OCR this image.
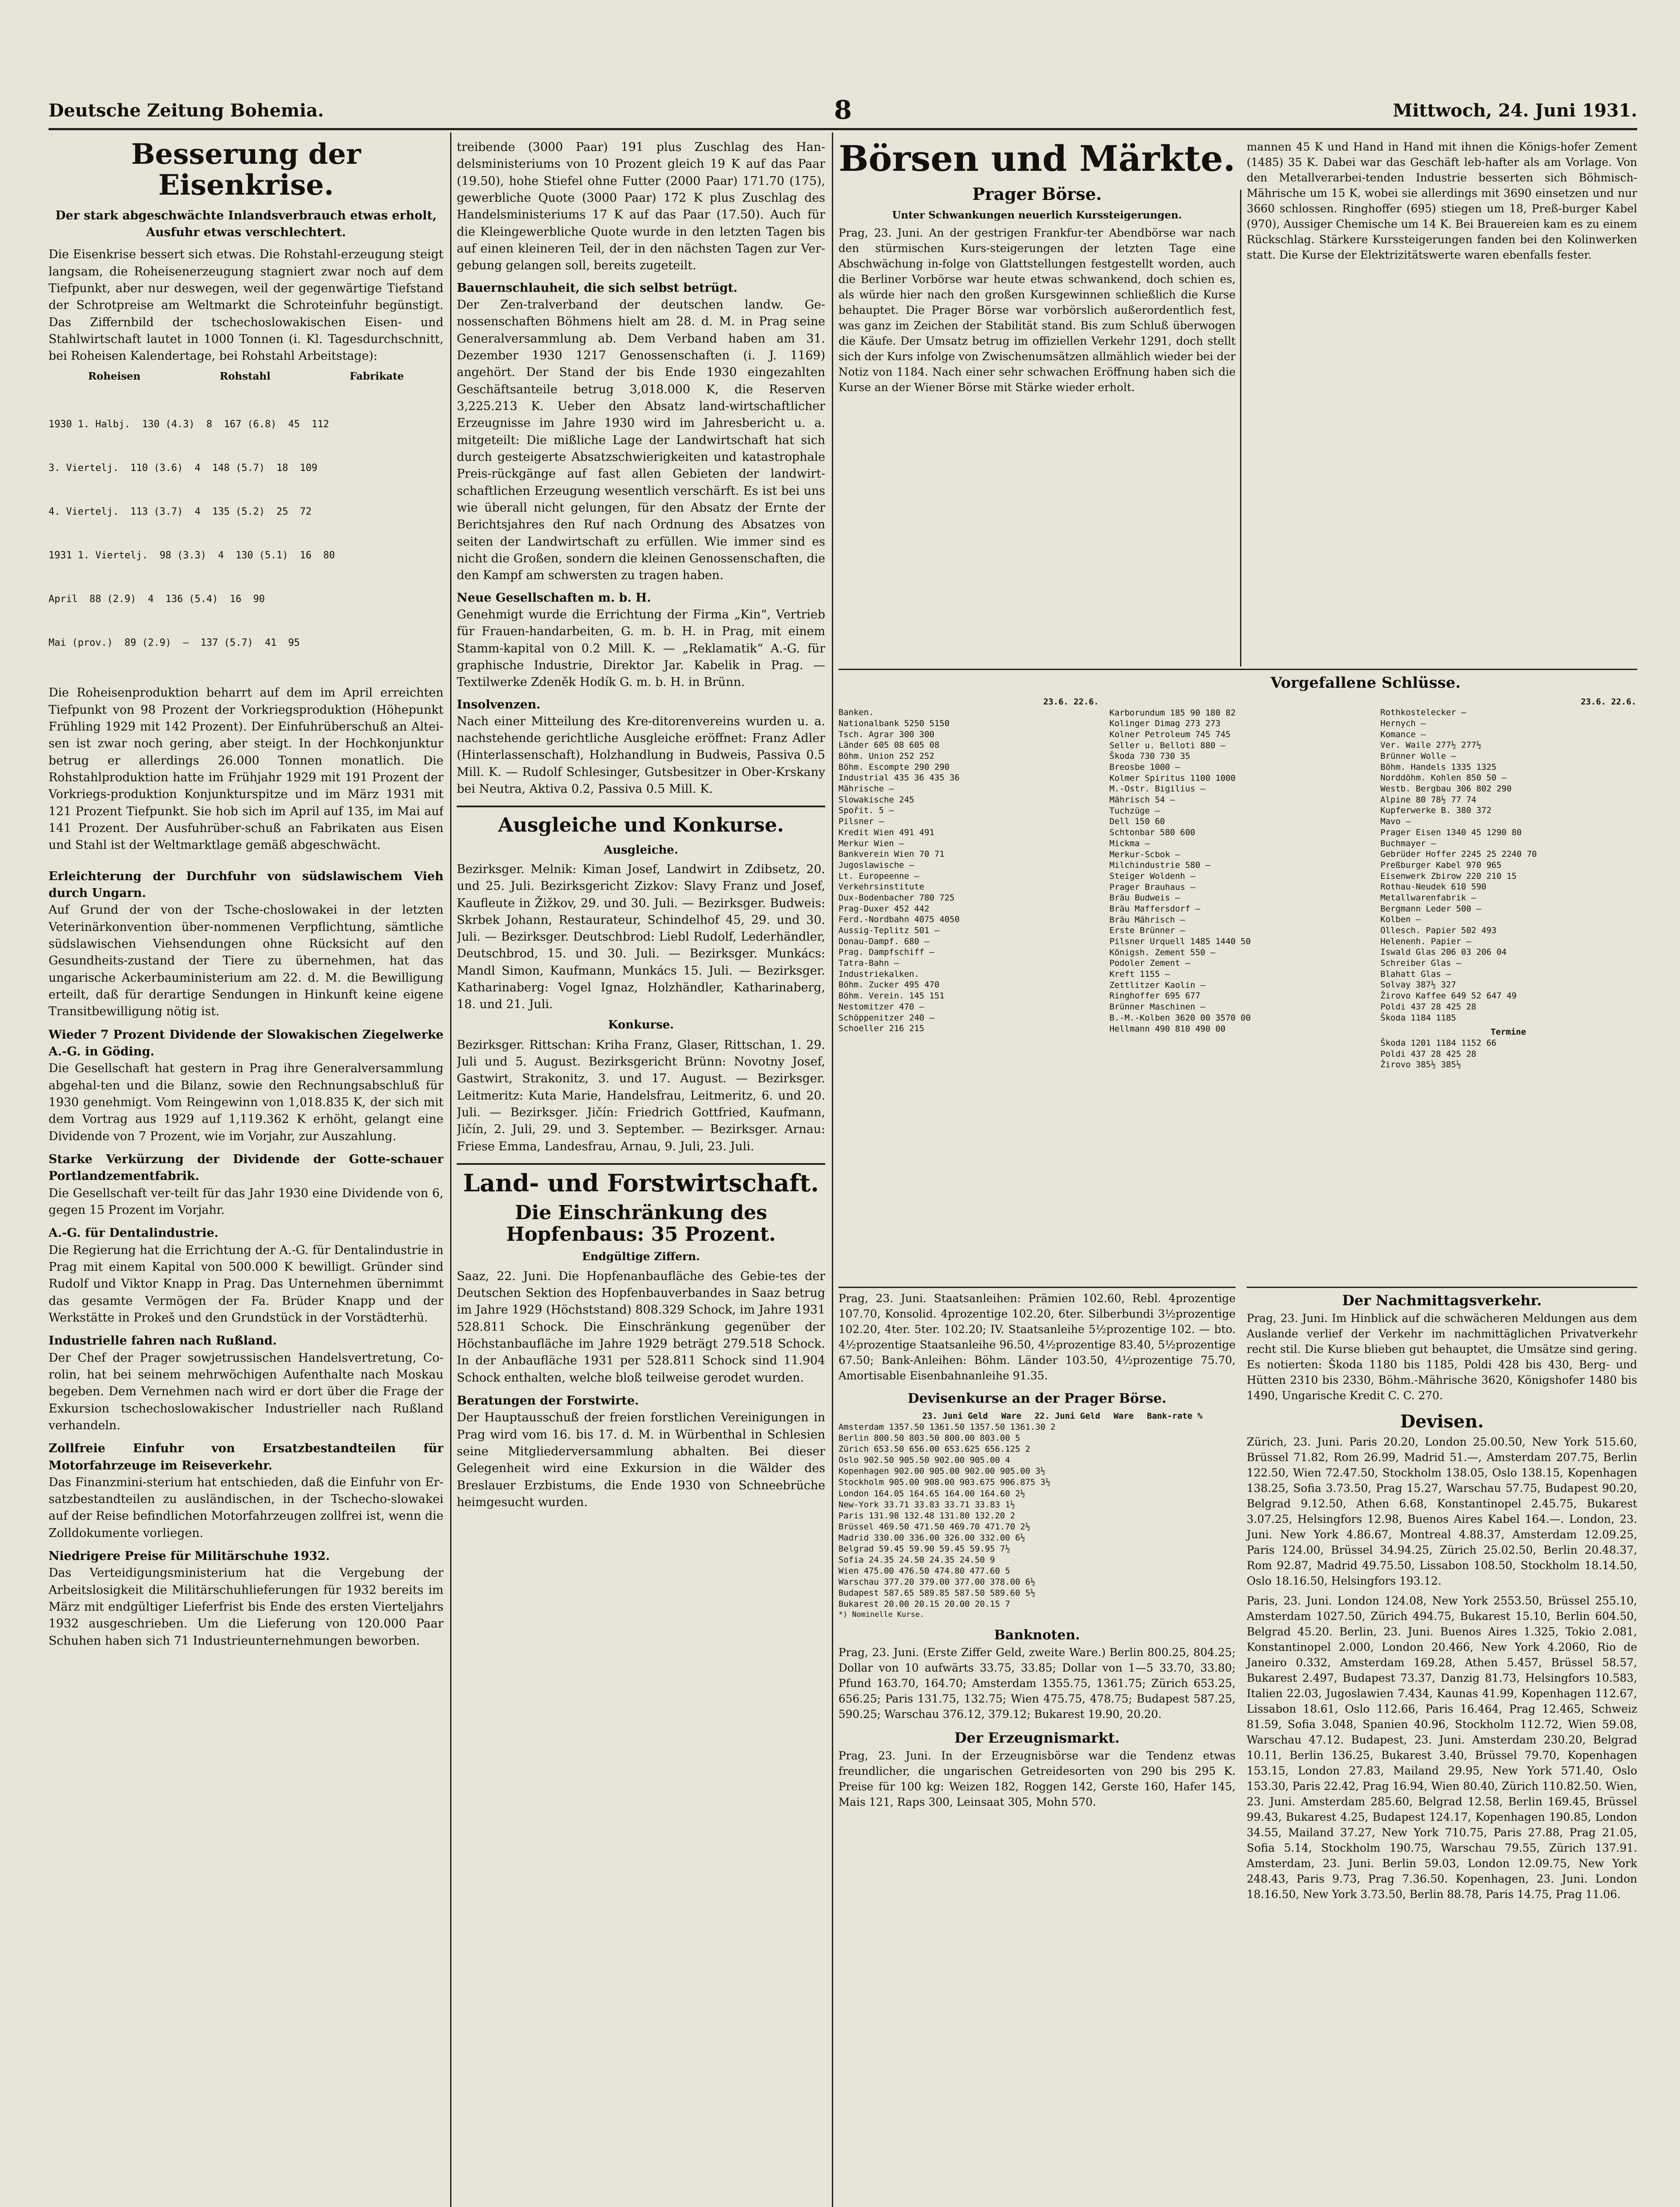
Deutsche Zeitung Bohemia.	8	Mittwoch, 24. Juni 1931.
Besserung der Eisenkrise.
Der stark abgeschwächte Inlandsverbrauch etwas erholt, Ausfuhr etwas verschlechtert.
Die Eisenkrise bessert sich etwas. Die Rohstahl-erzeugung steigt langsam, die Roheisenerzeugung stagniert zwar noch auf dem Tiefpunkt, aber nur deswegen, weil der gegenwärtige Tiefstand der Schrotpreise am Weltmarkt die Schroteinfuhr begünstigt. Das Ziffernbild der tschechoslowakischen Eisen- und Stahlwirtschaft lautet in 1000 Tonnen (i. Kl. Tagesdurchschnitt, bei Roheisen Kalendertage, bei Rohstahl Arbeitstage):
Roheisen	Rohstahl	Fabrikate

1930 1. Halbj.  130 (4.3)  8  167 (6.8)  45  112

3. Viertelj.  110 (3.6)  4  148 (5.7)  18  109

4. Viertelj.  113 (3.7)  4  135 (5.2)  25  72

1931 1. Viertelj.  98 (3.3)  4  130 (5.1)  16  80

April  88 (2.9)  4  136 (5.4)  16  90

Mai (prov.)  89 (2.9)  —  137 (5.7)  41  95

Die Roheisenproduktion beharrt auf dem im April erreichten Tiefpunkt von 98 Prozent der Vorkriegsproduktion (Höhepunkt Frühling 1929 mit 142 Prozent). Der Einfuhrüberschuß an Altei-sen ist zwar noch gering, aber steigt. In der Hochkonjunktur betrug er allerdings 26.000 Tonnen monatlich. Die Rohstahlproduktion hatte im Frühjahr 1929 mit 191 Prozent der Vorkriegs-produktion Konjunkturspitze und im März 1931 mit 121 Prozent Tiefpunkt. Sie hob sich im April auf 135, im Mai auf 141 Prozent. Der Ausfuhrüber-schuß an Fabrikaten aus Eisen und Stahl ist der Weltmarktlage gemäß abgeschwächt.
Erleichterung der Durchfuhr von südslawischem Vieh durch Ungarn.
Auf Grund der von der Tsche-choslowakei in der letzten Veterinärkonvention über-nommenen Verpflichtung, sämtliche südslawischen Viehsendungen ohne Rücksicht auf den Gesundheits-zustand der Tiere zu übernehmen, hat das ungarische Ackerbauministerium am 22. d. M. die Bewilligung erteilt, daß für derartige Sendungen in Hinkunft keine eigene Transitbewilligung nötig ist.
Wieder 7 Prozent Dividende der Slowakischen Ziegelwerke A.-G. in Göding.
Die Gesellschaft hat gestern in Prag ihre Generalversammlung abgehal-ten und die Bilanz, sowie den Rechnungsabschluß für 1930 genehmigt. Vom Reingewinn von 1,018.835 K, der sich mit dem Vortrag aus 1929 auf 1,119.362 K erhöht, gelangt eine Dividende von 7 Prozent, wie im Vorjahr, zur Auszahlung.
Starke Verkürzung der Dividende der Gotte-schauer Portlandzementfabrik.
Die Gesellschaft ver-teilt für das Jahr 1930 eine Dividende von 6, gegen 15 Prozent im Vorjahr.
A.-G. für Dentalindustrie.
Die Regierung hat die Errichtung der A.-G. für Dentalindustrie in Prag mit einem Kapital von 500.000 K bewilligt. Gründer sind Rudolf und Viktor Knapp in Prag. Das Unternehmen übernimmt das gesamte Vermögen der Fa. Brüder Knapp und der Werkstätte in Prokeš und den Grundstück in der Vorstädterhü.
Industrielle fahren nach Rußland.
Der Chef der Prager sowjetrussischen Handelsvertretung, Co-rolin, hat bei seinem mehrwöchigen Aufenthalte nach Moskau begeben. Dem Vernehmen nach wird er dort über die Frage der Exkursion tschechoslowakischer Industrieller nach Rußland verhandeln.
Zollfreie Einfuhr von Ersatzbestandteilen für Motorfahrzeuge im Reiseverkehr.
Das Finanzmini-sterium hat entschieden, daß die Einfuhr von Er-satzbestandteilen zu ausländischen, in der Tschecho-slowakei auf der Reise befindlichen Motorfahrzeugen zollfrei ist, wenn die Zolldokumente vorliegen.
Niedrigere Preise für Militärschuhe 1932.
Das Verteidigungsministerium hat die Vergebung der Arbeitslosigkeit die Militärschuhlieferungen für 1932 bereits im März mit endgültiger Lieferfrist bis Ende des ersten Vierteljahrs 1932 ausgeschrieben. Um die Lieferung von 120.000 Paar Schuhen haben sich 71 Industrieunternehmungen beworben.
treibende (3000 Paar) 191 plus Zuschlag des Han-delsministeriums von 10 Prozent gleich 19 K auf das Paar (19.50), hohe Stiefel ohne Futter (2000 Paar) 171.70 (175), gewerbliche Quote (3000 Paar) 172 K plus Zuschlag des Handelsministeriums 17 K auf das Paar (17.50). Auch für die Kleingewerbliche Quote wurde in den letzten Tagen bis auf einen kleineren Teil, der in den nächsten Tagen zur Ver-gebung gelangen soll, bereits zugeteilt.
Bauernschlauheit, die sich selbst betrügt.
Der Zen-tralverband der deutschen landw. Ge-nossenschaften Böhmens hielt am 28. d. M. in Prag seine Generalversammlung ab. Dem Verband haben am 31. Dezember 1930 1217 Genossenschaften (i. J. 1169) angehört. Der Stand der bis Ende 1930 eingezahlten Geschäftsanteile betrug 3,018.000 K, die Reserven 3,225.213 K. Ueber den Absatz land-wirtschaftlicher Erzeugnisse im Jahre 1930 wird im Jahresbericht u. a. mitgeteilt: Die mißliche Lage der Landwirtschaft hat sich durch gesteigerte Absatzschwierigkeiten und katastrophale Preis-rückgänge auf fast allen Gebieten der landwirt-schaftlichen Erzeugung wesentlich verschärft. Es ist bei uns wie überall nicht gelungen, für den Absatz der Ernte der Berichtsjahres den Ruf nach Ordnung des Absatzes von seiten der Landwirtschaft zu erfüllen. Wie immer sind es nicht die Großen, sondern die kleinen Genossenschaften, die den Kampf am schwersten zu tragen haben.
Neue Gesellschaften m. b. H.
Genehmigt wurde die Errichtung der Firma „Kin“, Vertrieb für Frauen-handarbeiten, G. m. b. H. in Prag, mit einem Stamm-kapital von 0.2 Mill. K. — „Reklamatik“ A.-G. für graphische Industrie, Direktor Jar. Kabelik in Prag. — Textilwerke Zdeněk Hodík G. m. b. H. in Brünn.
Insolvenzen.
Nach einer Mitteilung des Kre-ditorenvereins wurden u. a. nachstehende gerichtliche Ausgleiche eröffnet: Franz Adler (Hinterlassenschaft), Holzhandlung in Budweis, Passiva 0.5 Mill. K. — Rudolf Schlesinger, Gutsbesitzer in Ober-Krskany bei Neutra, Aktiva 0.2, Passiva 0.5 Mill. K.
Ausgleiche und Konkurse.
Ausgleiche.
Bezirksger. Melnik: Kiman Josef, Landwirt in Zdibsetz, 20. und 25. Juli. Bezirksgericht Zizkov: Slavy Franz und Josef, Kaufleute in Žižkov, 29. und 30. Juli. — Bezirksger. Budweis: Skrbek Johann, Restaurateur, Schindelhof 45, 29. und 30. Juli. — Bezirksger. Deutschbrod: Liebl Rudolf, Lederhändler, Deutschbrod, 15. und 30. Juli. — Bezirksger. Munkács: Mandl Simon, Kaufmann, Munkács 15. Juli. — Bezirksger. Katharinaberg: Vogel Ignaz, Holzhändler, Katharinaberg, 18. und 21. Juli.
Konkurse.
Bezirksger. Rittschan: Kriha Franz, Glaser, Rittschan, 1. 29. Juli und 5. August. Bezirksgericht Brünn: Novotny Josef, Gastwirt, Strakonitz, 3. und 17. August. — Bezirksger. Leitmeritz: Kuta Marie, Handelsfrau, Leitmeritz, 6. und 20. Juli. — Bezirksger. Jičín: Friedrich Gottfried, Kaufmann, Jičín, 2. Juli, 29. und 3. September. — Bezirksger. Arnau: Friese Emma, Landesfrau, Arnau, 9. Juli, 23. Juli.
Land- und Forstwirtschaft.
Die Einschränkung des Hopfenbaus: 35 Prozent.
Endgültige Ziffern.
Saaz, 22. Juni. Die Hopfenanbaufläche des Gebie-tes der Deutschen Sektion des Hopfenbauverbandes in Saaz betrug im Jahre 1929 (Höchststand) 808.329 Schock, im Jahre 1931 528.811 Schock. Die Einschränkung gegenüber der Höchstanbaufläche im Jahre 1929 beträgt 279.518 Schock. In der Anbaufläche 1931 per 528.811 Schock sind 11.904 Schock enthalten, welche bloß teilweise gerodet wurden.
Beratungen der Forstwirte.
Der Hauptausschuß der freien forstlichen Vereinigungen in Prag wird vom 16. bis 17. d. M. in Würbenthal in Schlesien seine Mitgliederversammlung abhalten. Bei dieser Gelegenheit wird eine Exkursion in die Wälder des Breslauer Erzbistums, die Ende 1930 von Schneebrüche heimgesucht wurden.
Börsen und Märkte.
Prager Börse.
Unter Schwankungen neuerlich Kurssteigerungen.
Prag, 23. Juni. An der gestrigen Frankfur-ter Abendbörse war nach den stürmischen Kurs-steigerungen der letzten Tage eine Abschwächung in-folge von Glattstellungen festgestellt worden, auch die Berliner Vorbörse war heute etwas schwankend, doch schien es, als würde hier nach den großen Kursgewinnen schließlich die Kurse behauptet. Die Prager Börse war vorbörslich außerordentlich fest, was ganz im Zeichen der Stabilität stand. Bis zum Schluß überwogen die Käufe. Der Umsatz betrug im offiziellen Verkehr 1291, doch stellt sich der Kurs infolge von Zwischenumsätzen allmählich wieder bei der Notiz von 1184. Nach einer sehr schwachen Eröffnung haben sich die Kurse an der Wiener Börse mit Stärke wieder erholt.
mannen 45 K und Hand in Hand mit ihnen die Königs-hofer Zement (1485) 35 K. Dabei war das Geschäft leb-hafter als am Vorlage. Von den Metallverarbei-tenden Industrie besserten sich Böhmisch-Mährische um 15 K, wobei sie allerdings mit 3690 einsetzen und nur 3660 schlossen. Ringhoffer (695) stiegen um 18, Preß-burger Kabel (970), Aussiger Chemische um 14 K. Bei Brauereien kam es zu einem Rückschlag. Stärkere Kurssteigerungen fanden bei den Kolinwerken statt. Die Kurse der Elektrizitätswerte waren ebenfalls fester.
Vorgefallene Schlüsse.
23.6. 22.6.
Banken.
Nationalbank 5250 5150
Tsch. Agrar 300 300
Länder 605 08 605 08
Böhm. Union 252 252
Böhm. Escompte 290 290
Industrial 435 36 435 36
Mährische —
Slowakische 245
Spořit. 5 —
Pilsner —
Kredit Wien 491 491
Merkur Wien —
Bankverein Wien 70 71
Jugoslawische —
Lt. Europeenne —
Verkehrsinstitute
Dux-Bodenbacher 780 725
Prag-Duxer 452 442
Ferd.-Nordbahn 4075 4050
Aussig-Teplitz 501 —
Donau-Dampf. 680 —
Prag. Dampfschiff —
Tatra-Bahn —
Industriekalken.
Böhm. Zucker 495 470
Böhm. Verein. 145 151
Nestomitzer 470 —
Schöppenitzer 240 —
Schoeller 216 215
Karborundum 185 90 180 82
Kolinger Dimag 273 273
Kolner Petroleum 745 745
Seller u. Belloti 880 —
Škoda 730 730 35
Breosbe 1000 —
Kolmer Spiritus 1100 1000
M.-Ostr. Bigilius —
Mährisch 54 —
Tuchzüge —
Dell 150 60
Schtonbar 580 600
Mickma —
Merkur-Scbok —
Milchindustrie 580 —
Steiger Woldenh —
Prager Brauhaus —
Bräu Budweis —
Bräu Maffersdorf —
Bräu Mährisch —
Erste Brünner —
Pilsner Urquell 1485 1440 50
Königsh. Zement 550 —
Podoler Zement —
Kreft 1155 —
Zettlitzer Kaolin —
Ringhoffer 695 677
Brünner Maschinen —
B.-M.-Kolben 3620 00 3570 00
Hellmann 490 810 490 00
23.6. 22.6.
Rothkostelecker —
Hernych —
Komance —
Ver. Waile 277½ 277½
Brünner Wolle —
Böhm. Handels 1335 1325
Norddöhm. Kohlen 850 50 —
Westb. Bergbau 306 802 290
Alpine 80 78½ 77 74
Kupferwerke B. 380 372
Mavo —
Prager Eisen 1340 45 1290 80
Buchmayer —
Gebrüder Hoffer 2245 25 2240 70
Preßburger Kabel 970 965
Eisenwerk Zbirow 220 210 15
Rothau-Neudek 610 590
Metallwarenfabrik —
Bergmann Leder 500 —
Kolben —
Ollesch. Papier 502 493
Helenenh. Papier —
Iswald Glas 206 03 206 04
Schreiber Glas —
Blahatt Glas —
Solvay 387½ 327
Žirovo Kaffee 649 52 647 49
Poldi 437 28 425 28
Škoda 1184 1185
Termine
Škoda 1201 1184 1152 66
Poldi 437 28 425 28
Žirovo 385½ 385½
Prag, 23. Juni. Staatsanleihen: Prämien 102.60, Rebl. 4prozentige 107.70, Konsolid. 4prozentige 102.20, 6ter. Silberbundi 3½prozentige 102.20, 4ter. 5ter. 102.20; IV. Staatsanleihe 5½prozentige 102. — bto. 4½prozentige Staatsanleihe 96.50, 4½prozentige 83.40, 5½prozentige 67.50; Bank-Anleihen: Böhm. Länder 103.50, 4½prozentige 75.70, Amortisable Eisenbahnanleihe 91.35.
Devisenkurse an der Prager Börse.
23. Juni Geld Ware 22. Juni Geld Ware Bank-rate %
Amsterdam 1357.50 1361.50 1357.50 1361.30 2
Berlin 800.50 803.50 800.00 803.00 5
Zürich 653.50 656.00 653.625 656.125 2
Oslo 902.50 905.50 902.00 905.00 4
Kopenhagen 902.00 905.00 902.00 905.00 3½
Stockholm 905.00 908.00 903.675 906.875 3½
London 164.05 164.65 164.00 164.60 2½
New-York 33.71 33.83 33.71 33.83 1½
Paris 131.98 132.48 131.80 132.20 2
Brüssel 469.50 471.50 469.70 471.70 2½
Madrid 330.00 336.00 326.00 332.00 6½
Belgrad 59.45 59.90 59.45 59.95 7½
Sofia 24.35 24.50 24.35 24.50 9
Wien 475.00 476.50 474.80 477.60 5
Warschau 377.20 379.00 377.00 378.00 6½
Budapest 587.65 589.85 587.50 589.60 5½
Bukarest 20.00 20.15 20.00 20.15 7
*) Nominelle Kurse.
Banknoten.
Prag, 23. Juni. (Erste Ziffer Geld, zweite Ware.) Berlin 800.25, 804.25; Dollar von 10 aufwärts 33.75, 33.85; Dollar von 1—5 33.70, 33.80; Pfund 163.70, 164.70; Amsterdam 1355.75, 1361.75; Zürich 653.25, 656.25; Paris 131.75, 132.75; Wien 475.75, 478.75; Budapest 587.25, 590.25; Warschau 376.12, 379.12; Bukarest 19.90, 20.20.
Der Erzeugnismarkt.
Prag, 23. Juni. In der Erzeugnisbörse war die Tendenz etwas freundlicher, die ungarischen Getreidesorten von 290 bis 295 K. Preise für 100 kg: Weizen 182, Roggen 142, Gerste 160, Hafer 145, Mais 121, Raps 300, Leinsaat 305, Mohn 570.
Der Nachmittagsverkehr.
Prag, 23. Juni. Im Hinblick auf die schwächeren Meldungen aus dem Auslande verlief der Verkehr im nachmittäglichen Privatverkehr recht stil. Die Kurse blieben gut behauptet, die Umsätze sind gering. Es notierten: Škoda 1180 bis 1185, Poldi 428 bis 430, Berg- und Hütten 2310 bis 2330, Böhm.-Mährische 3620, Königshofer 1480 bis 1490, Ungarische Kredit C. C. 270.
Devisen.
Zürich, 23. Juni. Paris 20.20, London 25.00.50, New York 515.60, Brüssel 71.82, Rom 26.99, Madrid 51.—, Amsterdam 207.75, Berlin 122.50, Wien 72.47.50, Stockholm 138.05, Oslo 138.15, Kopenhagen 138.25, Sofia 3.73.50, Prag 15.27, Warschau 57.75, Budapest 90.20, Belgrad 9.12.50, Athen 6.68, Konstantinopel 2.45.75, Bukarest 3.07.25, Helsingfors 12.98, Buenos Aires Kabel 164.—. London, 23. Juni. New York 4.86.67, Montreal 4.88.37, Amsterdam 12.09.25, Paris 124.00, Brüssel 34.94.25, Zürich 25.02.50, Berlin 20.48.37, Rom 92.87, Madrid 49.75.50, Lissabon 108.50, Stockholm 18.14.50, Oslo 18.16.50, Helsingfors 193.12.
Paris, 23. Juni. London 124.08, New York 2553.50, Brüssel 255.10, Amsterdam 1027.50, Zürich 494.75, Bukarest 15.10, Berlin 604.50, Belgrad 45.20. Berlin, 23. Juni. Buenos Aires 1.325, Tokio 2.081, Konstantinopel 2.000, London 20.466, New York 4.2060, Rio de Janeiro 0.332, Amsterdam 169.28, Athen 5.457, Brüssel 58.57, Bukarest 2.497, Budapest 73.37, Danzig 81.73, Helsingfors 10.583, Italien 22.03, Jugoslawien 7.434, Kaunas 41.99, Kopenhagen 112.67, Lissabon 18.61, Oslo 112.66, Paris 16.464, Prag 12.465, Schweiz 81.59, Sofia 3.048, Spanien 40.96, Stockholm 112.72, Wien 59.08, Warschau 47.12. Budapest, 23. Juni. Amsterdam 230.20, Belgrad 10.11, Berlin 136.25, Bukarest 3.40, Brüssel 79.70, Kopenhagen 153.15, London 27.83, Mailand 29.95, New York 571.40, Oslo 153.30, Paris 22.42, Prag 16.94, Wien 80.40, Zürich 110.82.50. Wien, 23. Juni. Amsterdam 285.60, Belgrad 12.58, Berlin 169.45, Brüssel 99.43, Bukarest 4.25, Budapest 124.17, Kopenhagen 190.85, London 34.55, Mailand 37.27, New York 710.75, Paris 27.88, Prag 21.05, Sofia 5.14, Stockholm 190.75, Warschau 79.55, Zürich 137.91. Amsterdam, 23. Juni. Berlin 59.03, London 12.09.75, New York 248.43, Paris 9.73, Prag 7.36.50. Kopenhagen, 23. Juni. London 18.16.50, New York 3.73.50, Berlin 88.78, Paris 14.75, Prag 11.06.
